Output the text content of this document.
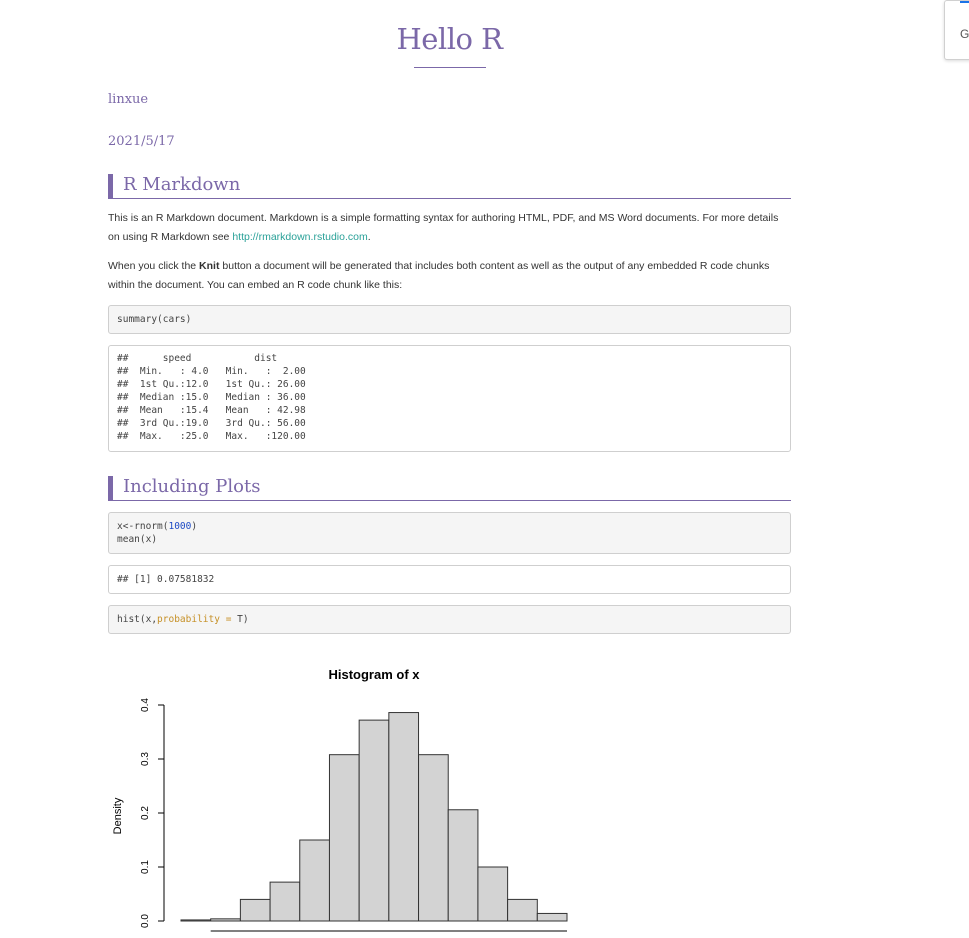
G
Hello R
linxue
2021/5/17
R Markdown
This is an R Markdown document. Markdown is a simple formatting syntax for authoring HTML, PDF, and MS Word documents. For more details on using R Markdown see http://rmarkdown.rstudio.com.
When you click the Knit button a document will be generated that includes both content as well as the output of any embedded R code chunks within the document. You can embed an R code chunk like this:
summary(cars)
##      speed           dist
##  Min.   : 4.0   Min.   :  2.00
##  1st Qu.:12.0   1st Qu.: 26.00
##  Median :15.0   Median : 36.00
##  Mean   :15.4   Mean   : 42.98
##  3rd Qu.:19.0   3rd Qu.: 56.00
##  Max.   :25.0   Max.   :120.00
Including Plots
x<-rnorm(1000)
mean(x)
## [1] 0.07581832
hist(x,probability = T)
Histogram of x
Density
0.0
0.1
0.2
0.3
0.4
